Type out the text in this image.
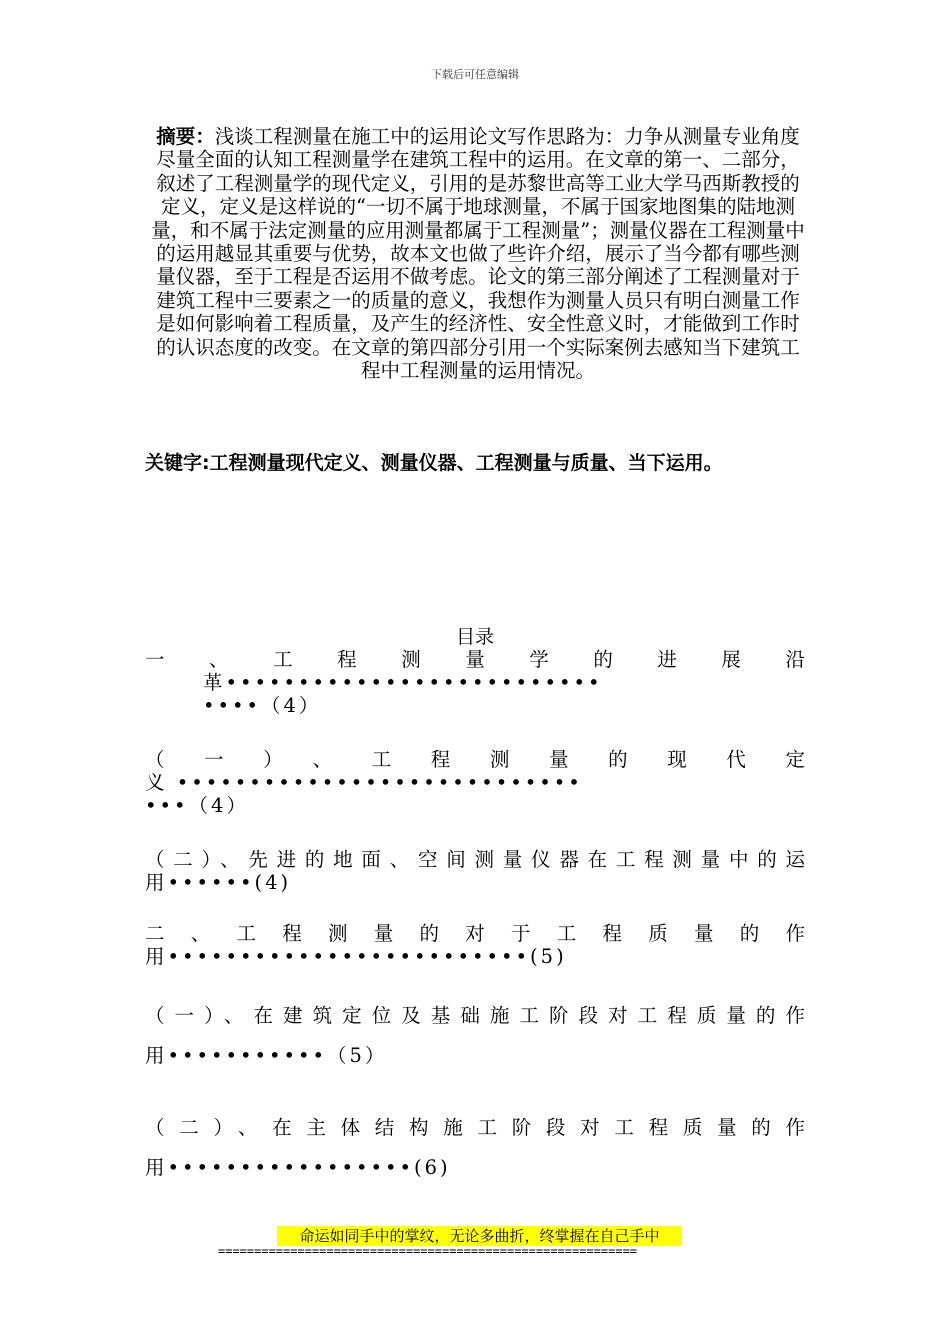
下载后可任意编辑
摘要：浅谈工程测量在施工中的运用论文写作思路为：力争从测量专业角度尽量全面的认知工程测量学在建筑工程中的运用。在文章的第一、二部分，叙述了工程测量学的现代定义，引用的是苏黎世高等工业大学马西斯教授的定义，定义是这样说的“一切不属于地球测量，不属于国家地图集的陆地测量，和不属于法定测量的应用测量都属于工程测量”；测量仪器在工程测量中的运用越显其重要与优势，故本文也做了些许介绍，展示了当今都有哪些测量仪器，至于工程是否运用不做考虑。论文的第三部分阐述了工程测量对于建筑工程中三要素之一的质量的意义，我想作为测量人员只有明白测量工作是如何影响着工程质量，及产生的经济性、安全性意义时，才能做到工作时的认识态度的改变。在文章的第四部分引用一个实际案例去感知当下建筑工程中工程测量的运用情况。
关键字:工程测量现代定义、测量仪器、工程测量与质量、当下运用。
目录
一、工程测量学的进展沿
革••••••••••••••••••••••••••
••••（4）
（一）、工程测量的现代定
义 ••••••••••••••••••••••••••••
•••（4）
（二）、先进的地面、空间测量仪器在工程测量中的运
用••••••(4)
二、工程测量的对于工程质量的作
用•••••••••••••••••••••••••(5)
（一）、在建筑定位及基础施工阶段对工程质量的作
用•••••••••••（5）
（二）、在主体结构施工阶段对工程质量的作
用•••••••••••••••••(6)
命运如同手中的掌纹，无论多曲折，终掌握在自己手中
==========================================================
